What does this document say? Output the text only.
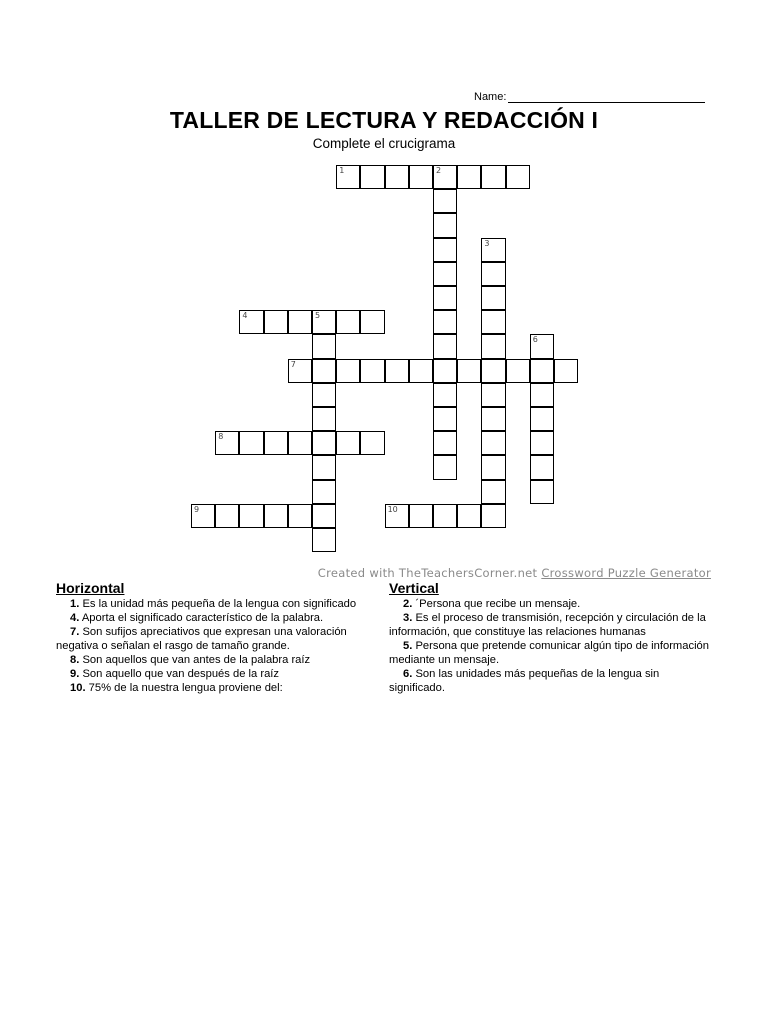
Name:
TALLER DE LECTURA Y REDACCIÓN I
Complete el crucigrama
1	2
3
4	5
6
7
8
9	10
Created with TheTeachersCorner.net Crossword Puzzle Generator
Horizontal
1. Es la unidad más pequeña de la lengua con significado
4. Aporta el significado característico de la palabra.
7. Son sufijos apreciativos que expresan una valoración negativa o señalan el rasgo de tamaño grande.
8. Son aquellos que van antes de la palabra raíz
9. Son aquello que van después de la raíz
10. 75% de la nuestra lengua proviene del:
Vertical
2. ´Persona que recibe un mensaje.
3. Es el proceso de transmisión, recepción y circulación de la información, que constituye las relaciones humanas
5. Persona que pretende comunicar algún tipo de información mediante un mensaje.
6. Son las unidades más pequeñas de la lengua sin significado.
